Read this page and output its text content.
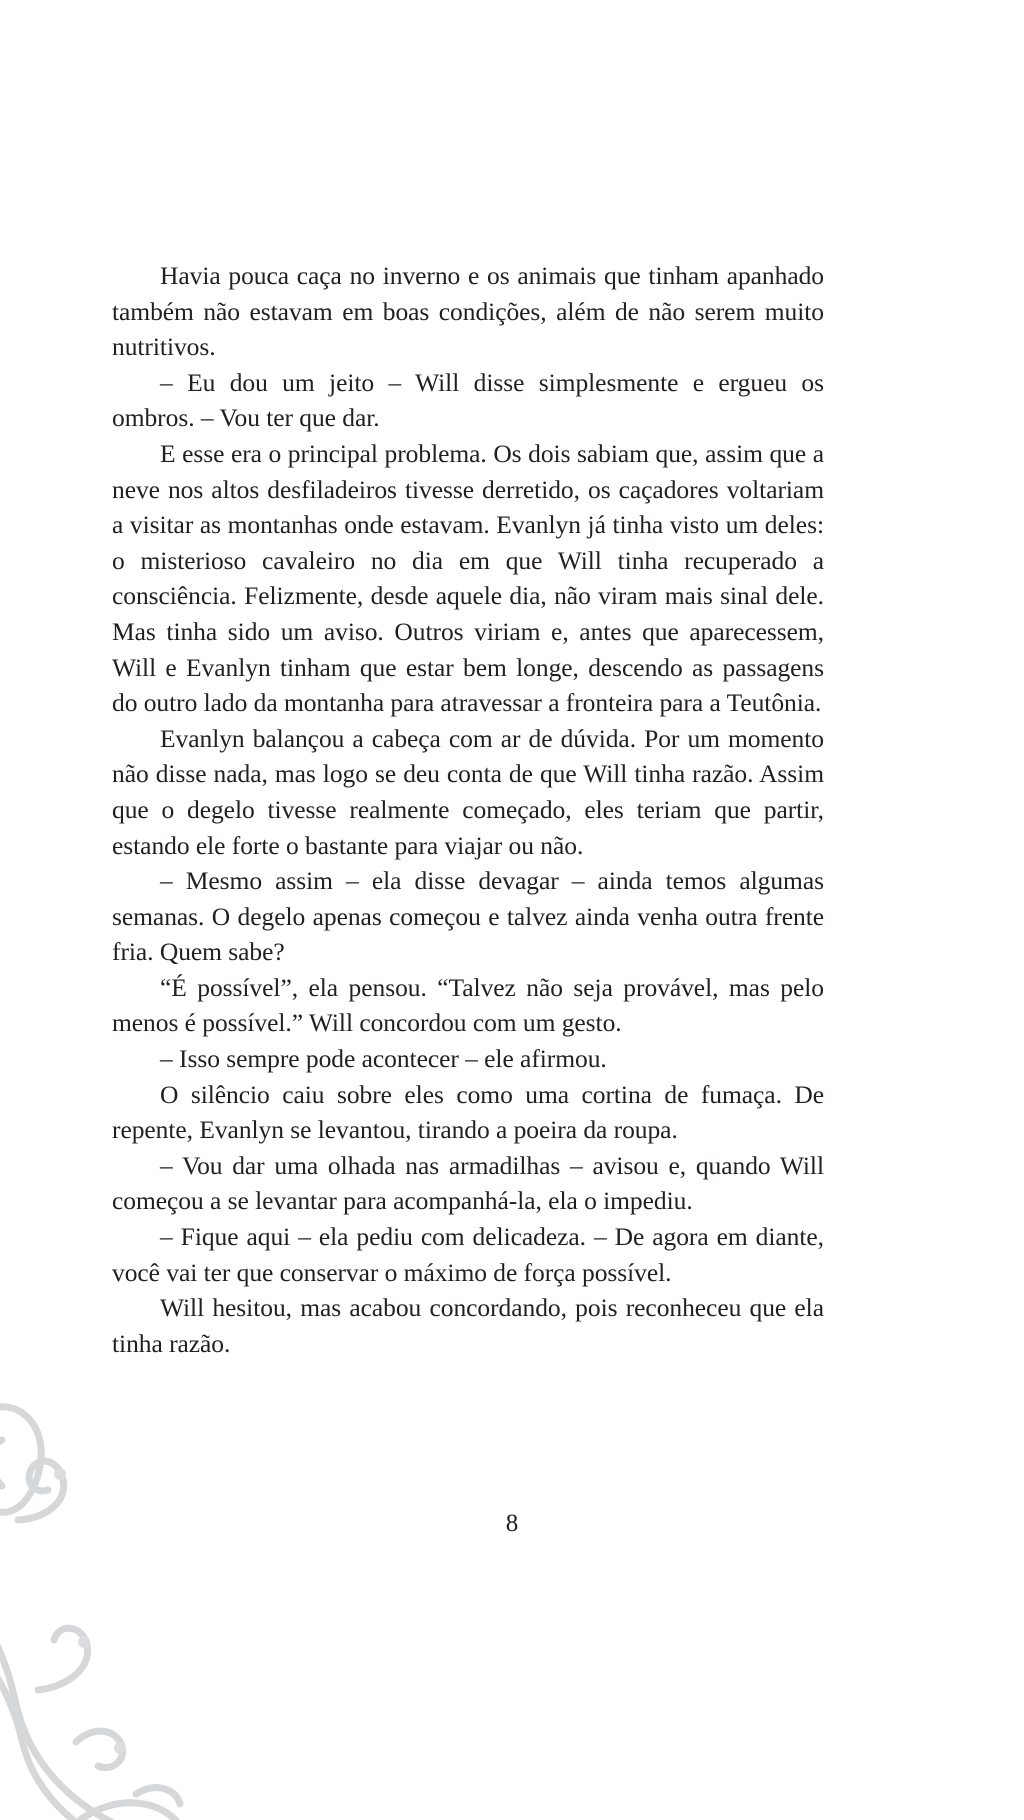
Havia pouca caça no inverno e os animais que tinham apanhado também não estavam em boas condições, além de não serem muito nutritivos.

– Eu dou um jeito – Will disse simplesmente e ergueu os ombros. – Vou ter que dar.

E esse era o principal problema. Os dois sabiam que, assim que a neve nos altos desfiladeiros tivesse derretido, os caçadores voltariam a visitar as montanhas onde estavam. Evanlyn já tinha visto um deles: o misterioso cavaleiro no dia em que Will tinha recuperado a consciência. Felizmente, desde aquele dia, não viram mais sinal dele. Mas tinha sido um aviso. Outros viriam e, antes que aparecessem, Will e Evanlyn tinham que estar bem longe, descendo as passagens do outro lado da montanha para atravessar a fronteira para a Teutônia.

Evanlyn balançou a cabeça com ar de dúvida. Por um momento não disse nada, mas logo se deu conta de que Will tinha razão. Assim que o degelo tivesse realmente começado, eles teriam que partir, estando ele forte o bastante para viajar ou não.

– Mesmo assim – ela disse devagar – ainda temos algumas semanas. O degelo apenas começou e talvez ainda venha outra frente fria. Quem sabe?

“É possível”, ela pensou. “Talvez não seja provável, mas pelo menos é possível.” Will concordou com um gesto.

– Isso sempre pode acontecer – ele afirmou.

O silêncio caiu sobre eles como uma cortina de fumaça. De repente, Evanlyn se levantou, tirando a poeira da roupa.

– Vou dar uma olhada nas armadilhas – avisou e, quando Will começou a se levantar para acompanhá-la, ela o impediu.

– Fique aqui – ela pediu com delicadeza. – De agora em diante, você vai ter que conservar o máximo de força possível.

Will hesitou, mas acabou concordando, pois reconheceu que ela tinha razão.

8
